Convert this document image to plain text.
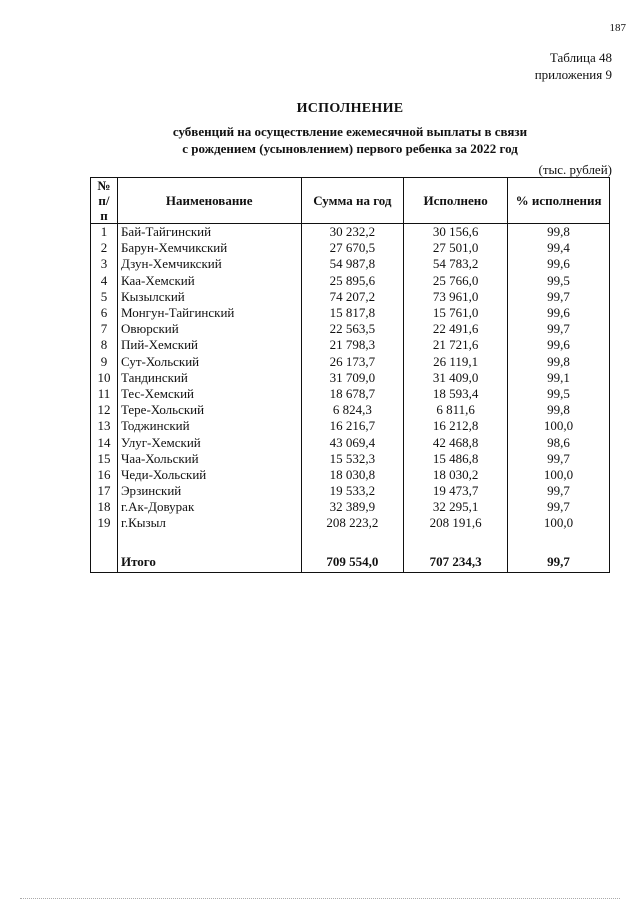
187
Таблица 48
приложения 9
ИСПОЛНЕНИЕ
субвенций на осуществление ежемесячной выплаты в связи
с рождением (усыновлением) первого ребенка за 2022 год
(тыс. рублей)
№
п/п	Наименование	Сумма на год	Исполнено	% исполнения
1	Бай-Тайгинский	30 232,2	30 156,6	99,8
2	Барун-Хемчикский	27 670,5	27 501,0	99,4
3	Дзун-Хемчикский	54 987,8	54 783,2	99,6
4	Каа-Хемский	25 895,6	25 766,0	99,5
5	Кызылский	74 207,2	73 961,0	99,7
6	Монгун-Тайгинский	15 817,8	15 761,0	99,6
7	Овюрский	22 563,5	22 491,6	99,7
8	Пий-Хемский	21 798,3	21 721,6	99,6
9	Сут-Хольский	26 173,7	26 119,1	99,8
10	Тандинский	31 709,0	31 409,0	99,1
11	Тес-Хемский	18 678,7	18 593,4	99,5
12	Тере-Хольский	6 824,3	6 811,6	99,8
13	Тоджинский	16 216,7	16 212,8	100,0
14	Улуг-Хемский	43 069,4	42 468,8	98,6
15	Чаа-Хольский	15 532,3	15 486,8	99,7
16	Чеди-Хольский	18 030,8	18 030,2	100,0
17	Эрзинский	19 533,2	19 473,7	99,7
18	г.Ак-Довурак	32 389,9	32 295,1	99,7
19	г.Кызыл	208 223,2	208 191,6	100,0

	Итого	709 554,0	707 234,3	99,7
